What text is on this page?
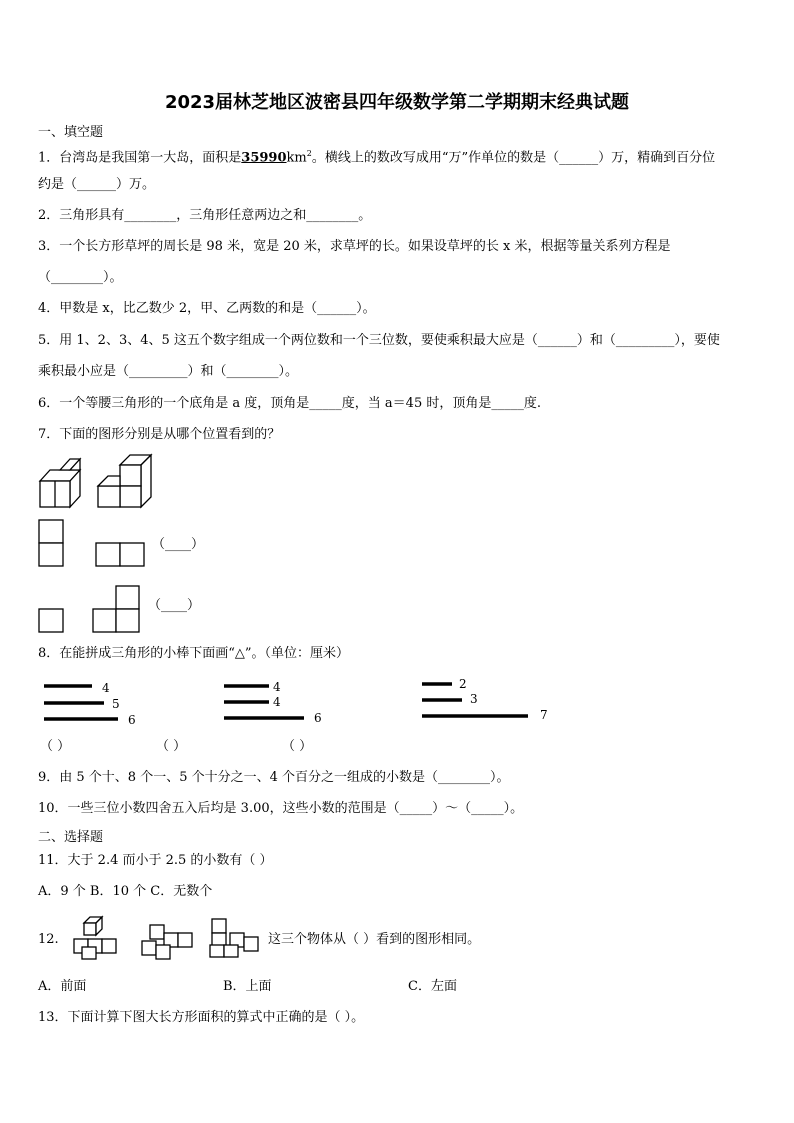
2023届林芝地区波密县四年级数学第二学期期末经典试题
一、填空题
1．台湾岛是我国第一大岛，面积是$35990km^2$。横线上的数改写成用“万”作单位的数是（______）万，精确到百分位
约是（______）万。
2．三角形具有________，三角形任意两边之和________。
3．一个长方形草坪的周长是 98 米，宽是 20 米，求草坪的长。如果设草坪的长 x 米，根据等量关系列方程是
（________）。
4．甲数是 x，比乙数少 2，甲、乙两数的和是（______）。
5．用 1、2、3、4、5 这五个数字组成一个两位数和一个三位数，要使乘积最大应是（______）和（_________），要使
乘积最小应是（_________）和（________）。
6．一个等腰三角形的一个底角是 a 度，顶角是_____度，当 a＝45 时，顶角是_____度.
7．下面的图形分别是从哪个位置看到的？
（____）
（____）
8．在能拼成三角形的小棒下面画“△”。（单位：厘米）
4
5
6
4
4
6
2
3
7
（ ）	（ ）	（ ）
9．由 5 个十、8 个一、5 个十分之一、4 个百分之一组成的小数是（________）。
10．一些三位小数四舍五入后均是 3.00，这些小数的范围是（_____）～（_____）。
二、选择题
11．大于 2.4 而小于 2.5 的小数有（ ）
A．9 个 B．10 个 C．无数个
12.	这三个物体从（ ）看到的图形相同。
A．前面	B．上面	C．左面
13．下面计算下图大长方形面积的算式中正确的是（ ）。
